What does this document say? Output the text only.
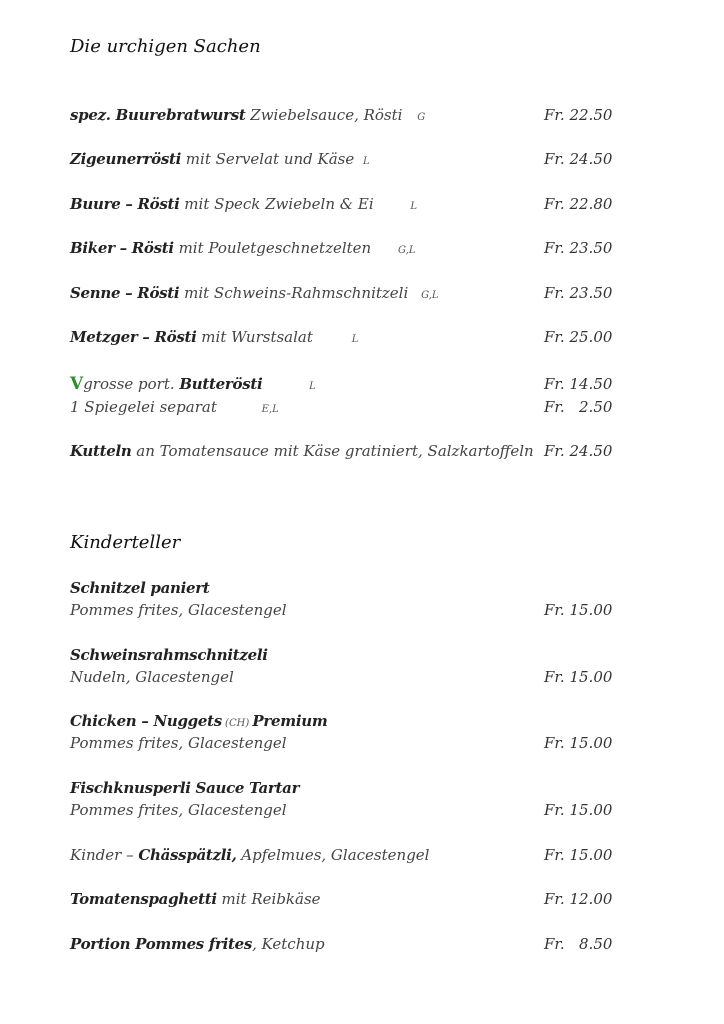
Die urchigen Sachen
spez. Buurebratwurst Zwiebelsauce, Rösti G	Fr. 22.50
Zigeunerrösti mit Servelat und Käse L	Fr. 24.50
Buure – Rösti mit Speck Zwiebeln & Ei	L	Fr. 22.80
Biker – Rösti mit Pouletgeschnetzelten	G,L	Fr. 23.50
Senne – Rösti mit Schweins-Rahmschnitzeli G,L	Fr. 23.50
Metzger – Rösti mit Wurstsalat	L	Fr. 25.00
Vgrosse port. Butterösti	L	Fr. 14.50
1 Spiegelei separat	E,L	Fr.   2.50
Kutteln an Tomatensauce mit Käse gratiniert, Salzkartoffeln Fr. 24.50
Kinderteller
Schnitzel paniert
Pommes frites, Glacestengel	Fr. 15.00
Schweinsrahmschnitzeli
Nudeln, Glacestengel	Fr. 15.00
Chicken – Nuggets (CH) Premium
Pommes frites, Glacestengel	Fr. 15.00
Fischknusperli Sauce Tartar
Pommes frites, Glacestengel	Fr. 15.00
Kinder – Chässpätzli, Apfelmues, Glacestengel	Fr. 15.00
Tomatenspaghetti mit Reibkäse	Fr. 12.00
Portion Pommes frites, Ketchup	Fr.   8.50
